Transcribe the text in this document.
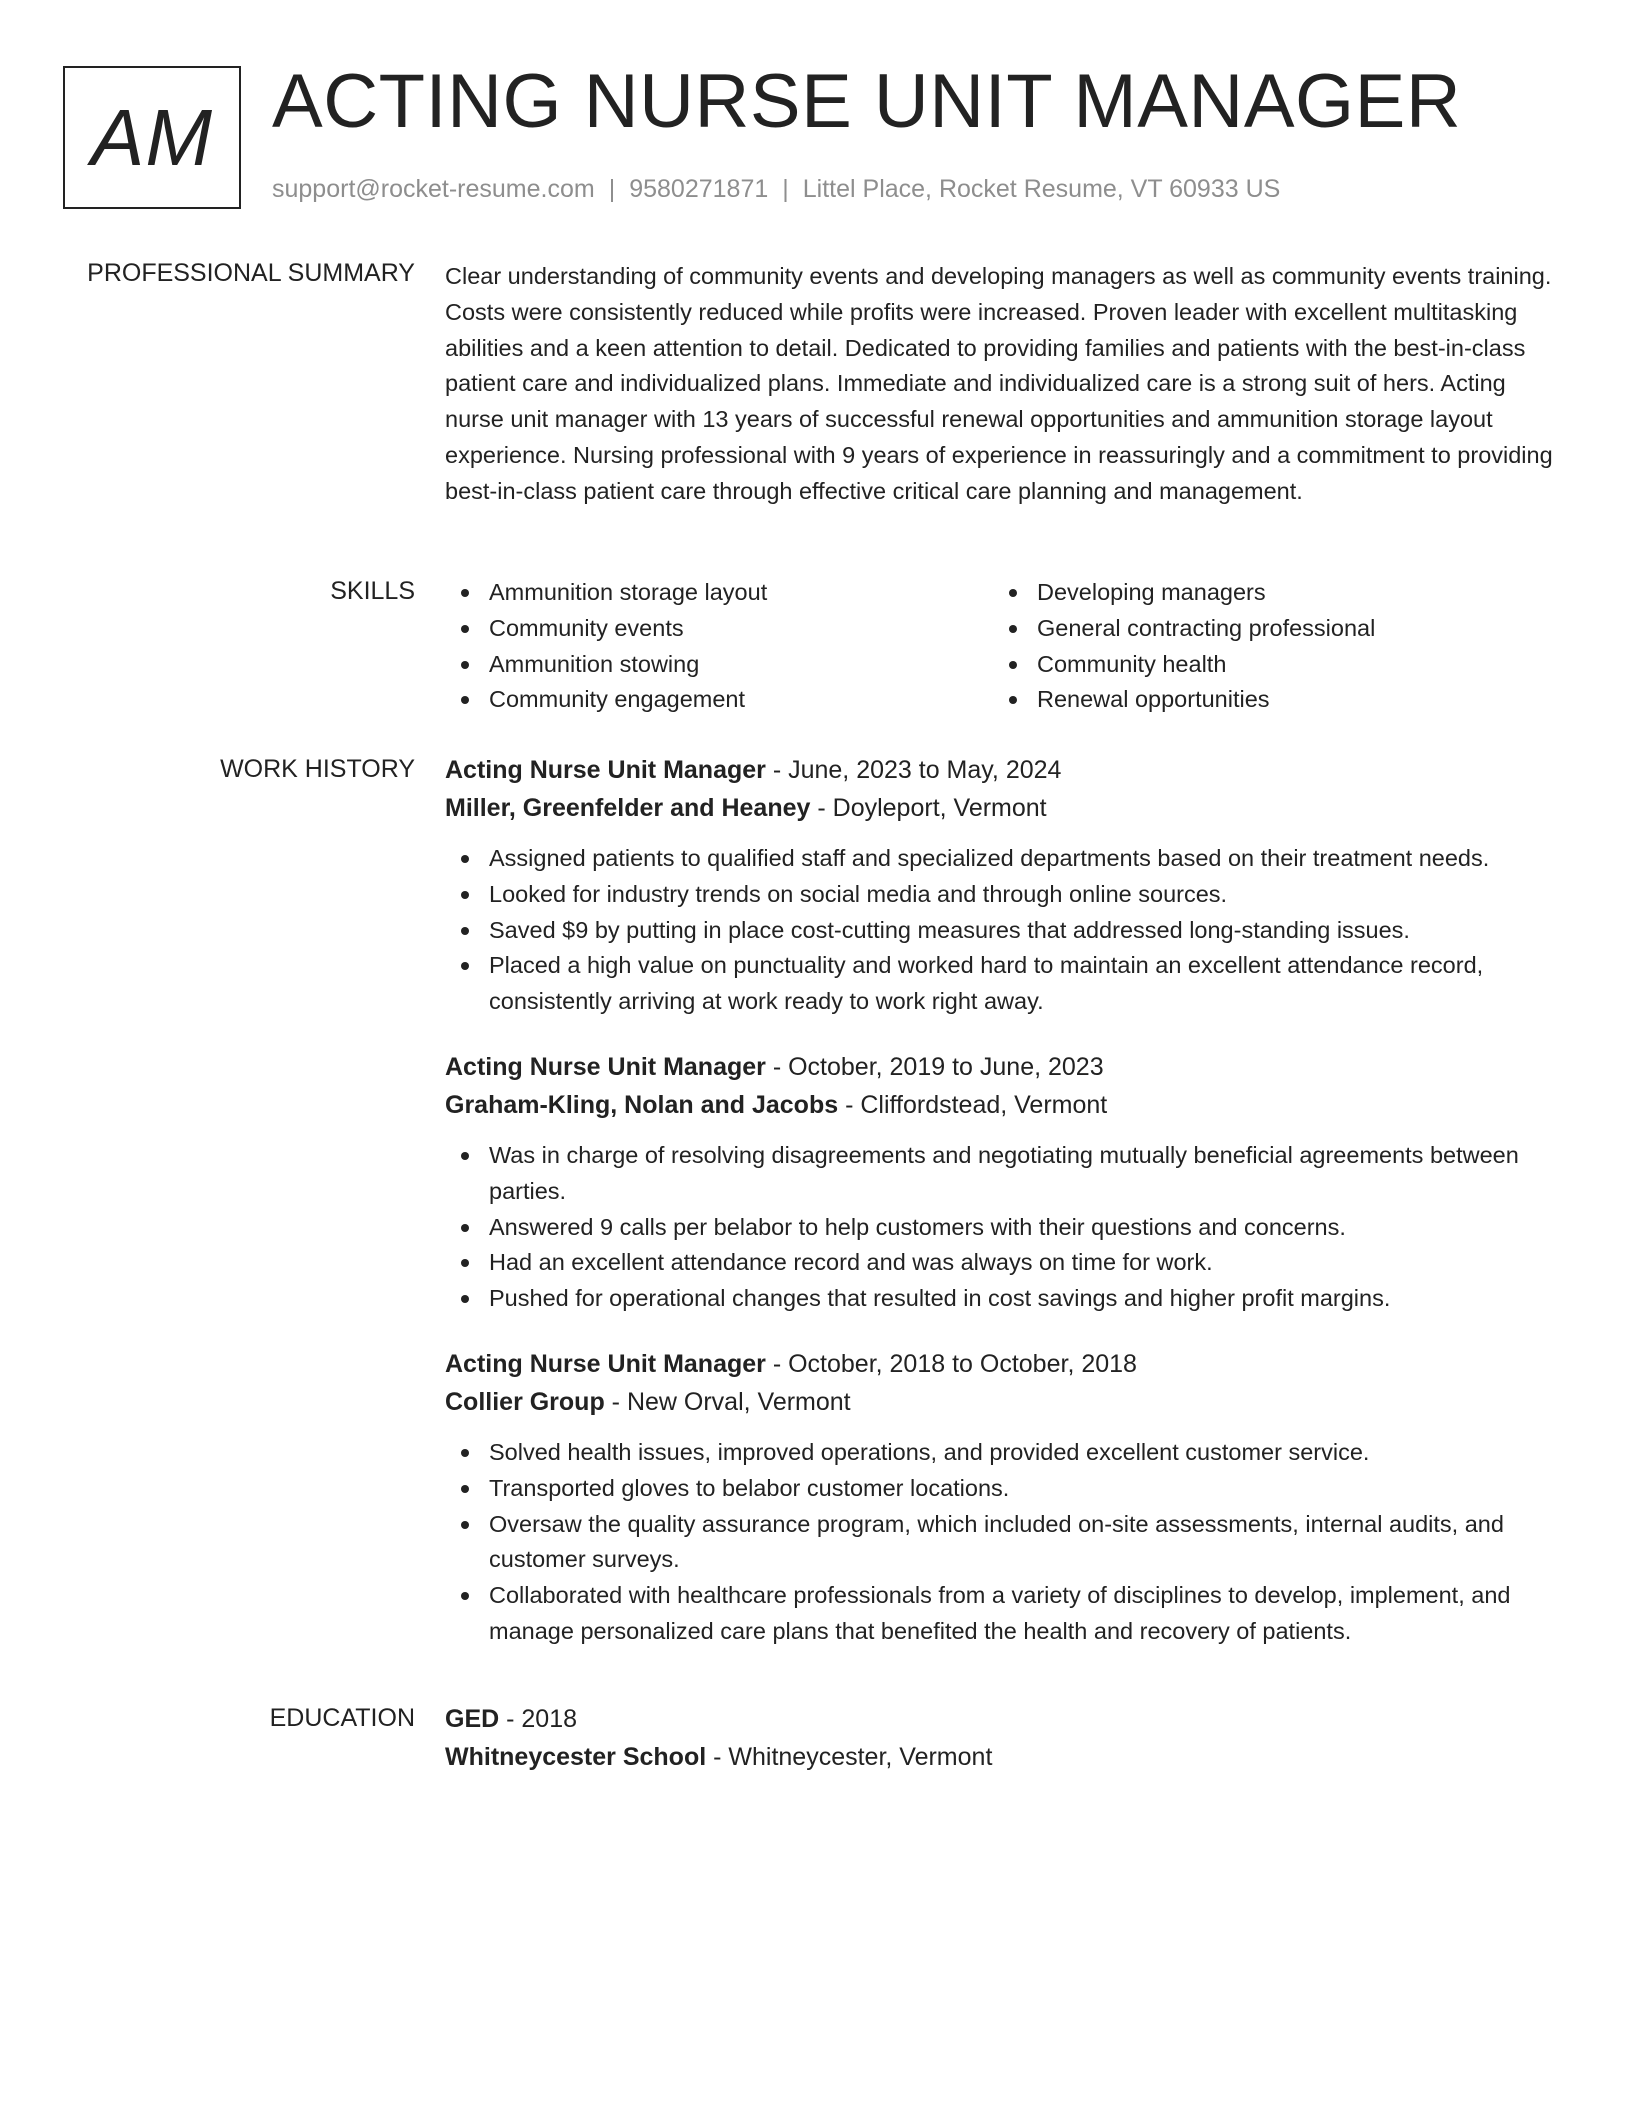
AM ACTING NURSE UNIT MANAGER
support@rocket-resume.com | 9580271871 | Littel Place, Rocket Resume, VT 60933 US
PROFESSIONAL SUMMARY Clear understanding of community events and developing managers as well as community events training. Costs were consistently reduced while profits were increased. Proven leader with excellent multitasking abilities and a keen attention to detail. Dedicated to providing families and patients with the best-in-class patient care and individualized plans. Immediate and individualized care is a strong suit of hers. Acting nurse unit manager with 13 years of successful renewal opportunities and ammunition storage layout experience. Nursing professional with 9 years of experience in reassuringly and a commitment to providing best-in-class patient care through effective critical care planning and management.
SKILLS	Ammunition storage layout
Community events
Ammunition stowing
Community engagement
Developing managers
General contracting professional
Community health
Renewal opportunities
WORK HISTORY Acting Nurse Unit Manager - June, 2023 to May, 2024
Miller, Greenfelder and Heaney - Doyleport, Vermont
Assigned patients to qualified staff and specialized departments based on their treatment needs.
Looked for industry trends on social media and through online sources.
Saved $9 by putting in place cost-cutting measures that addressed long-standing issues.
Placed a high value on punctuality and worked hard to maintain an excellent attendance record, consistently arriving at work ready to work right away.
Acting Nurse Unit Manager - October, 2019 to June, 2023
Graham-Kling, Nolan and Jacobs - Cliffordstead, Vermont
Was in charge of resolving disagreements and negotiating mutually beneficial agreements between parties.
Answered 9 calls per belabor to help customers with their questions and concerns.
Had an excellent attendance record and was always on time for work.
Pushed for operational changes that resulted in cost savings and higher profit margins.
Acting Nurse Unit Manager - October, 2018 to October, 2018
Collier Group - New Orval, Vermont
Solved health issues, improved operations, and provided excellent customer service.
Transported gloves to belabor customer locations.
Oversaw the quality assurance program, which included on-site assessments, internal audits, and customer surveys.
Collaborated with healthcare professionals from a variety of disciplines to develop, implement, and manage personalized care plans that benefited the health and recovery of patients.
EDUCATION GED - 2018
Whitneycester School - Whitneycester, Vermont
